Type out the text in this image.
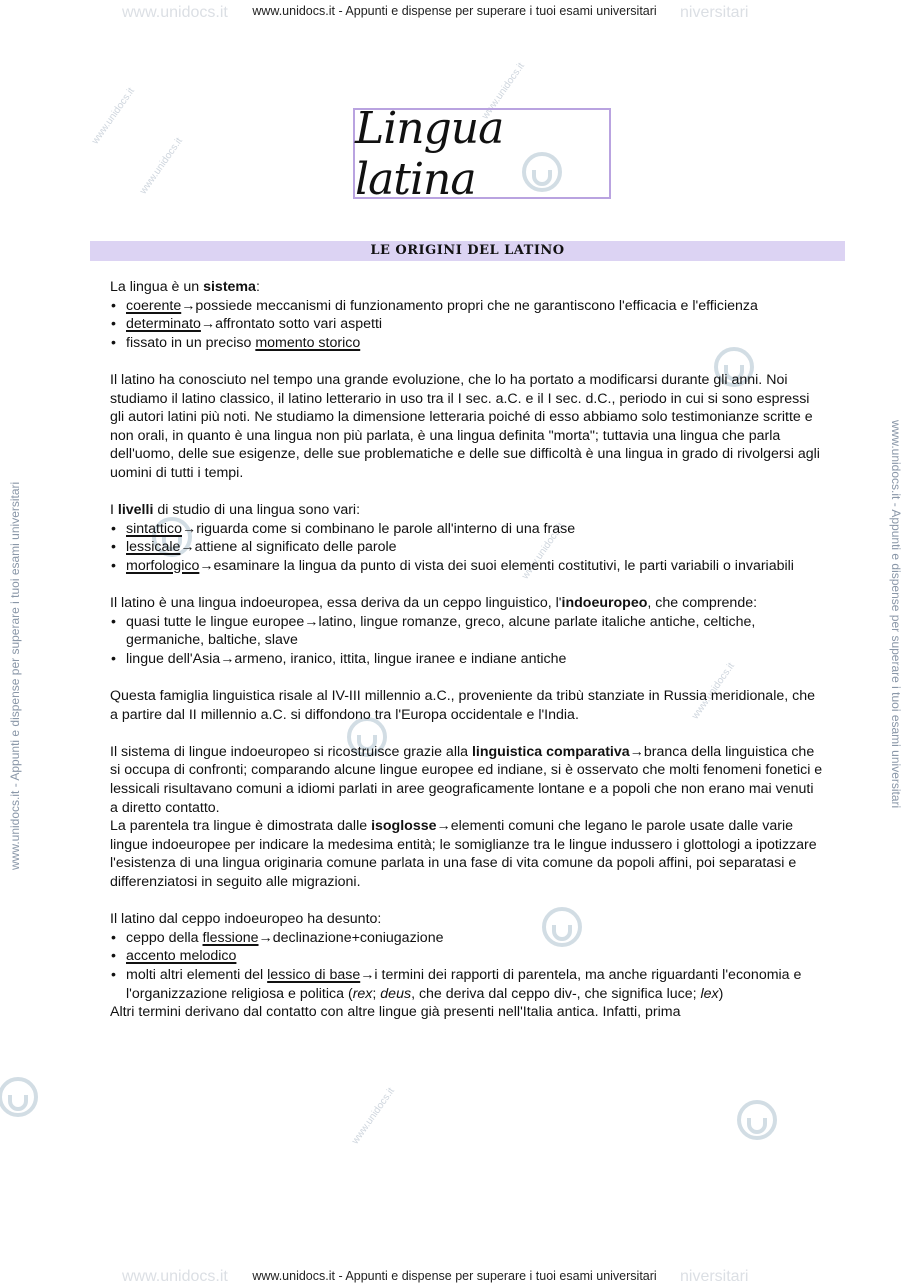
www.unidocs.it	niversitari
www.unidocs.it	niversitari
www.unidocs.it
www.unidocs.it
www.unidocs.it
www.unidocs.it
www.unidocs.it
www.unidocs.it
www.unidocs.it - Appunti e dispense per superare i tuoi esami universitari	www.unidocs.it - Appunti e dispense per superare i tuoi esami universitari
www.unidocs.it - Appunti e dispense per superare i tuoi esami universitari
www.unidocs.it - Appunti e dispense per superare i tuoi esami universitari
Lingua latina
LE ORIGINI DEL LATINO

La lingua è un sistema:

• coerente→possiede meccanismi di funzionamento propri che ne garantiscono l'efficacia e l'efficienza
• determinato→affrontato sotto vari aspetti
• fissato in un preciso momento storico

Il latino ha conosciuto nel tempo una grande evoluzione, che lo ha portato a modificarsi durante gli anni. Noi studiamo il latino classico, il latino letterario in uso tra il I sec. a.C. e il I sec. d.C., periodo in cui si sono espressi gli autori latini più noti. Ne studiamo la dimensione letteraria poiché di esso abbiamo solo testimonianze scritte e non orali, in quanto è una lingua non più parlata, è una lingua definita "morta"; tuttavia una lingua che parla dell'uomo, delle sue esigenze, delle sue problematiche e delle sue difficoltà è una lingua in grado di rivolgersi agli uomini di tutti i tempi.

I livelli di studio di una lingua sono vari:

• sintattico→riguarda come si combinano le parole all'interno di una frase
• lessicale→attiene al significato delle parole
• morfologico→esaminare la lingua da punto di vista dei suoi elementi costitutivi, le parti variabili o invariabili

Il latino è una lingua indoeuropea, essa deriva da un ceppo linguistico, l'indoeuropeo, che comprende:

• quasi tutte le lingue europee→latino, lingue romanze, greco, alcune parlate italiche antiche, celtiche, germaniche, baltiche, slave
• lingue dell'Asia→armeno, iranico, ittita, lingue iranee e indiane antiche

Questa famiglia linguistica risale al IV-III millennio a.C., proveniente da tribù stanziate in Russia meridionale, che a partire dal II millennio a.C. si diffondono tra l'Europa occidentale e l'India.

Il sistema di lingue indoeuropeo si ricostruisce grazie alla linguistica comparativa→branca della linguistica che si occupa di confronti; comparando alcune lingue europee ed indiane, si è osservato che molti fenomeni fonetici e lessicali risultavano comuni a idiomi parlati in aree geograficamente lontane e a popoli che non erano mai venuti a diretto contatto.

La parentela tra lingue è dimostrata dalle isoglosse→elementi comuni che legano le parole usate dalle varie lingue indoeuropee per indicare la medesima entità; le somiglianze tra le lingue indussero i glottologi a ipotizzare l'esistenza di una lingua originaria comune parlata in una fase di vita comune da popoli affini, poi separatasi e differenziatosi in seguito alle migrazioni.

Il latino dal ceppo indoeuropeo ha desunto:

• ceppo della flessione→declinazione+coniugazione
• accento melodico
• molti altri elementi del lessico di base→i termini dei rapporti di parentela, ma anche riguardanti l'economia e l'organizzazione religiosa e politica (rex; deus, che deriva dal ceppo div-, che significa luce; lex)

Altri termini derivano dal contatto con altre lingue già presenti nell'Italia antica. Infatti, prima
